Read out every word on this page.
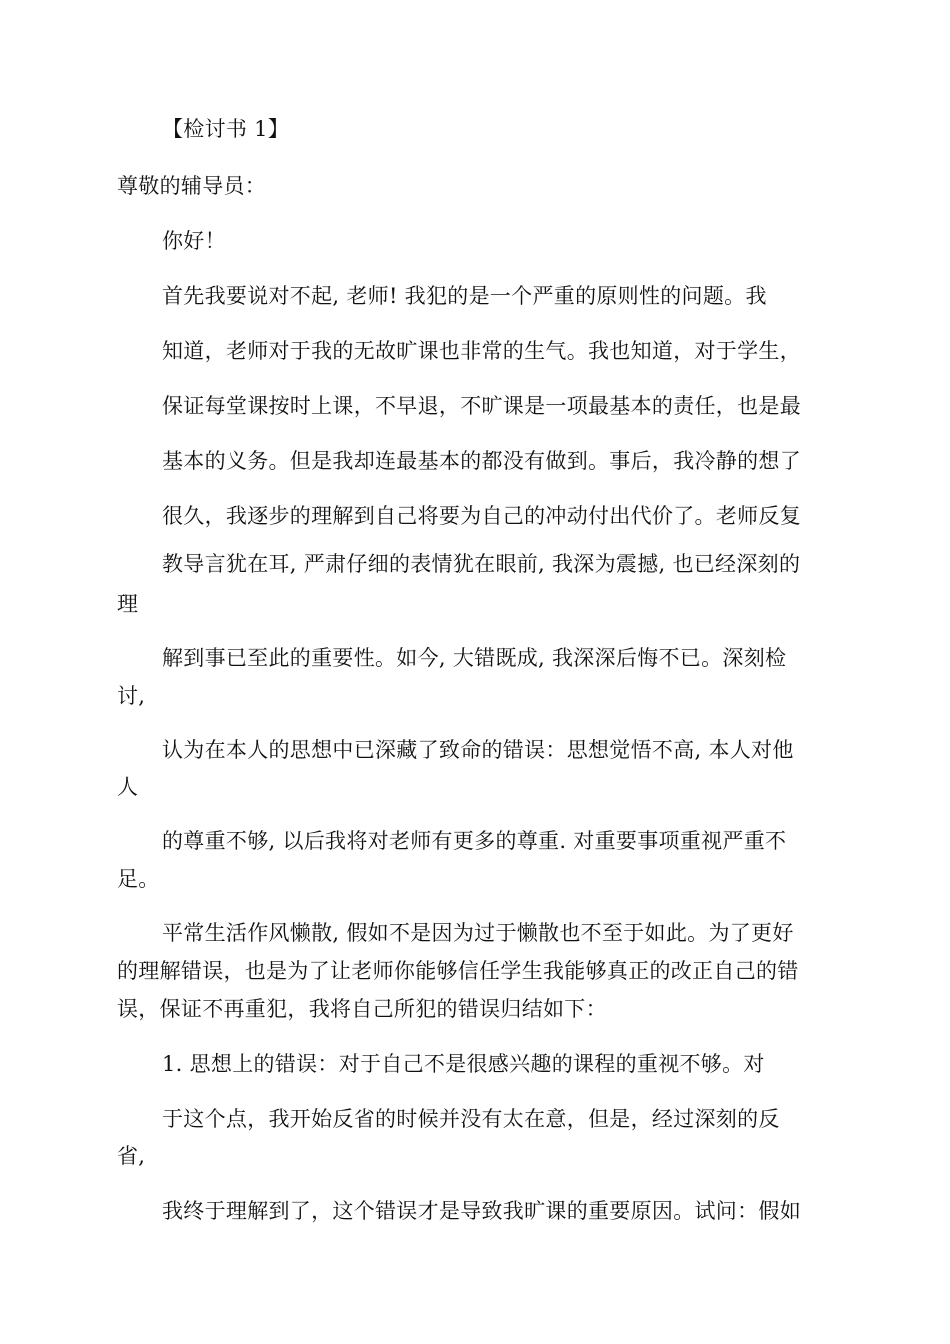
【检讨书 1】
尊敬的辅导员：
你好！
首先我要说对不起, 老师! 我犯的是一个严重的原则性的问题。我
知道，老师对于我的无故旷课也非常的生气。我也知道，对于学生，
保证每堂课按时上课，不早退，不旷课是一项最基本的责任，也是最
基本的义务。但是我却连最基本的都没有做到。事后，我冷静的想了
很久，我逐步的理解到自己将要为自己的冲动付出代价了。老师反复
教导言犹在耳, 严肃仔细的表情犹在眼前, 我深为震撼, 也已经深刻的
理
解到事已至此的重要性。如今, 大错既成, 我深深后悔不已。深刻检
讨,
认为在本人的思想中已深藏了致命的错误：思想觉悟不高, 本人对他
人
的尊重不够, 以后我将对老师有更多的尊重. 对重要事项重视严重不
足。
平常生活作风懒散, 假如不是因为过于懒散也不至于如此。为了更好
的理解错误，也是为了让老师你能够信任学生我能够真正的改正自己的错
误，保证不再重犯，我将自己所犯的错误归结如下：
1. 思想上的错误：对于自己不是很感兴趣的课程的重视不够。对
于这个点，我开始反省的时候并没有太在意，但是，经过深刻的反
省,
我终于理解到了，这个错误才是导致我旷课的重要原因。试问：假如
